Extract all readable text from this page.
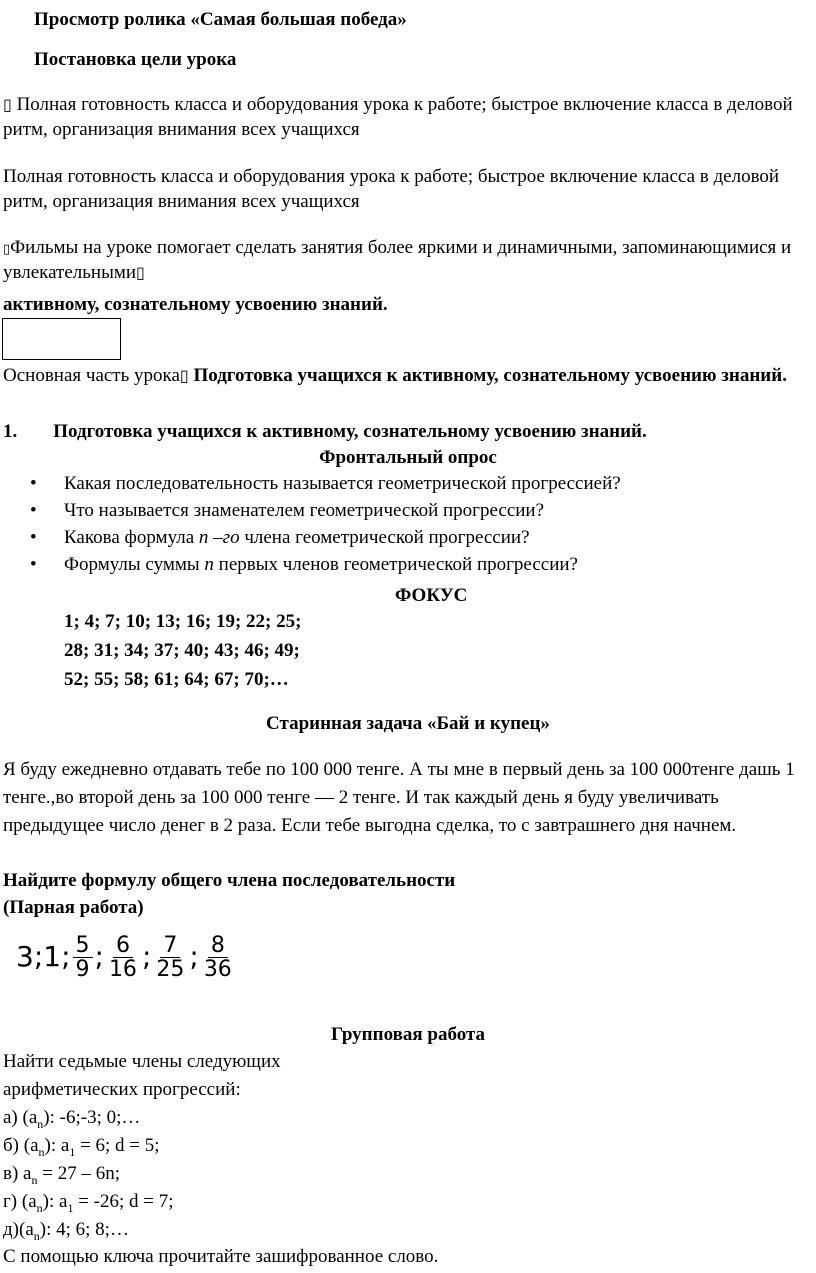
Просмотр ролика «Самая большая победа»
Постановка цели урока
▯ Полная готовность класса и оборудования урока к работе; быстрое включение класса в деловой ритм, организация внимания всех учащихся
Полная готовность класса и оборудования урока к работе; быстрое включение класса в деловой ритм, организация внимания всех учащихся
▯Фильмы на уроке помогает сделать занятия более яркими и динамичными, запоминающимися и увлекательными▯
активному, сознательному усвоению знаний.
Основная часть урока▯ Подготовка учащихся к активному, сознательному усвоению знаний.
1. Подготовка учащихся к активному, сознательному усвоению знаний.
Фронтальный опрос
• Какая последовательность называется геометрической прогрессией?
• Что называется знаменателем геометрической прогрессии?
• Какова формула n –го члена геометрической прогрессии?
• Формулы суммы n первых членов геометрической прогрессии?
ФОКУС
1; 4; 7; 10; 13; 16; 19; 22; 25;
28; 31; 34; 37; 40; 43; 46; 49;
52; 55; 58; 61; 64; 67; 70;…
Старинная задача «Бай и купец»
Я буду ежедневно отдавать тебе по 100 000 тенге. А ты мне в первый день за 100 000тенге дашь 1 тенге.,во второй день за 100 000 тенге — 2 тенге. И так каждый день я буду увеличивать предыдущее число денег в 2 раза. Если тебе выгодна сделка, то с завтрашнего дня начнем.
Найдите формулу общего члена последовательности
(Парная работа)
3;1; $\frac{5}{9}$ ; $\frac{6}{16}$ ; $\frac{7}{25}$ ; $\frac{8}{36}$
Групповая работа
Найти седьмые члены следующих
арифметических прогрессий:
а) $(a_n)$: -6;-3; 0;…
б) $(a_n)$: $a_1 = 6$; d = 5;
в) $a_n = 27 - 6n$;
г) $(a_n)$: $a_1 = -26$; d = 7;
$д)(a_n)$: 4; 6; 8;…
С помощью ключа прочитайте зашифрованное слово.
